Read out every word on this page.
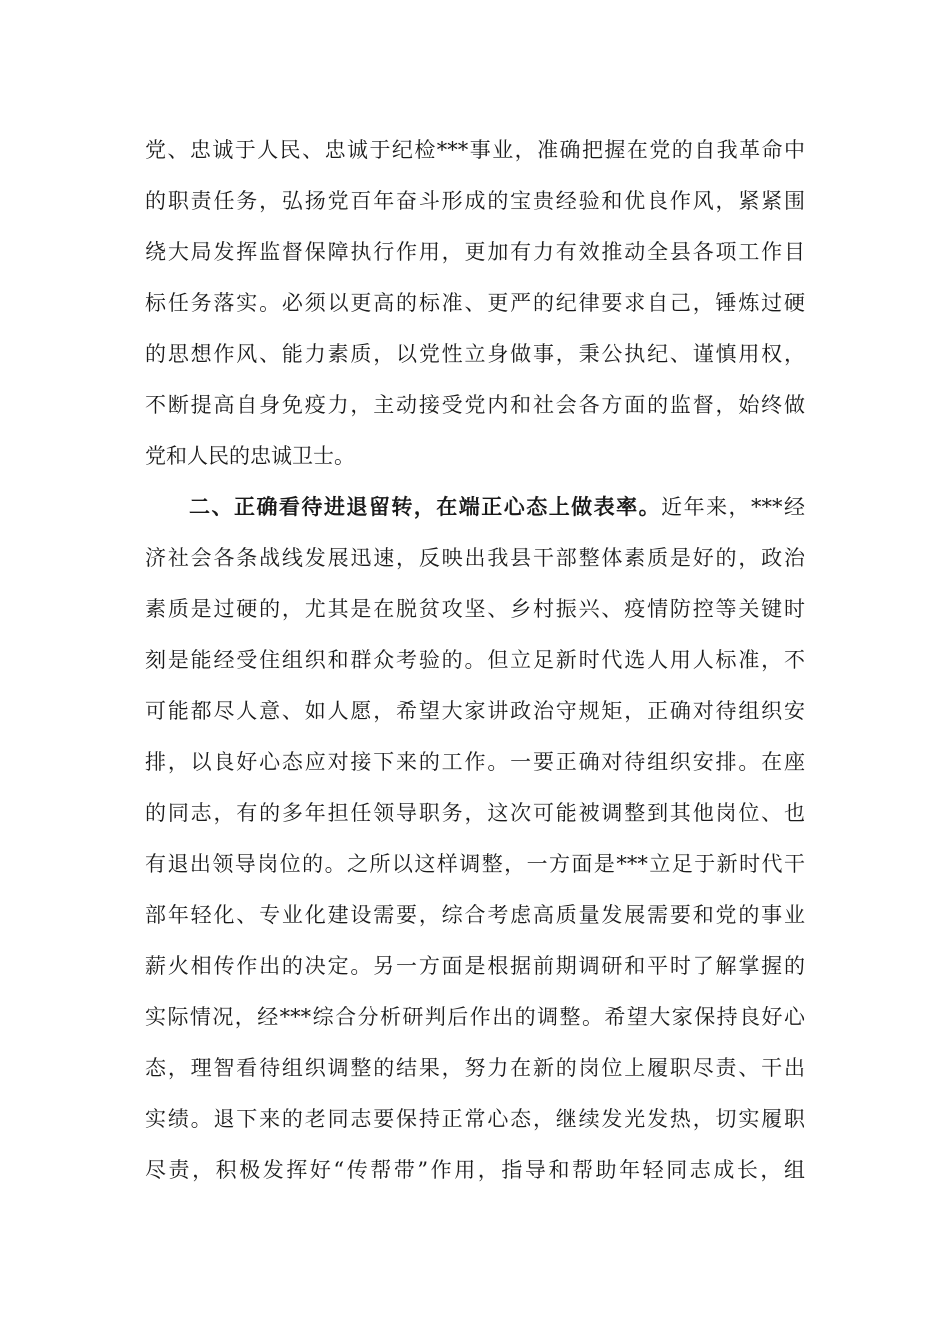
党、忠诚于人民、忠诚于纪检***事业，准确把握在党的自我革命中
的职责任务，弘扬党百年奋斗形成的宝贵经验和优良作风，紧紧围
绕大局发挥监督保障执行作用，更加有力有效推动全县各项工作目
标任务落实。必须以更高的标准、更严的纪律要求自己，锤炼过硬
的思想作风、能力素质，以党性立身做事，秉公执纪、谨慎用权，
不断提高自身免疫力，主动接受党内和社会各方面的监督，始终做
党和人民的忠诚卫士。
二、正确看待进退留转，在端正心态上做表率。近年来，***经
济社会各条战线发展迅速，反映出我县干部整体素质是好的，政治
素质是过硬的，尤其是在脱贫攻坚、乡村振兴、疫情防控等关键时
刻是能经受住组织和群众考验的。但立足新时代选人用人标准，不
可能都尽人意、如人愿，希望大家讲政治守规矩，正确对待组织安
排，以良好心态应对接下来的工作。一要正确对待组织安排。在座
的同志，有的多年担任领导职务，这次可能被调整到其他岗位、也
有退出领导岗位的。之所以这样调整，一方面是***立足于新时代干
部年轻化、专业化建设需要，综合考虑高质量发展需要和党的事业
薪火相传作出的决定。另一方面是根据前期调研和平时了解掌握的
实际情况，经***综合分析研判后作出的调整。希望大家保持良好心
态，理智看待组织调整的结果，努力在新的岗位上履职尽责、干出
实绩。退下来的老同志要保持正常心态，继续发光发热，切实履职
尽责，积极发挥好“传帮带”作用，指导和帮助年轻同志成长，组
